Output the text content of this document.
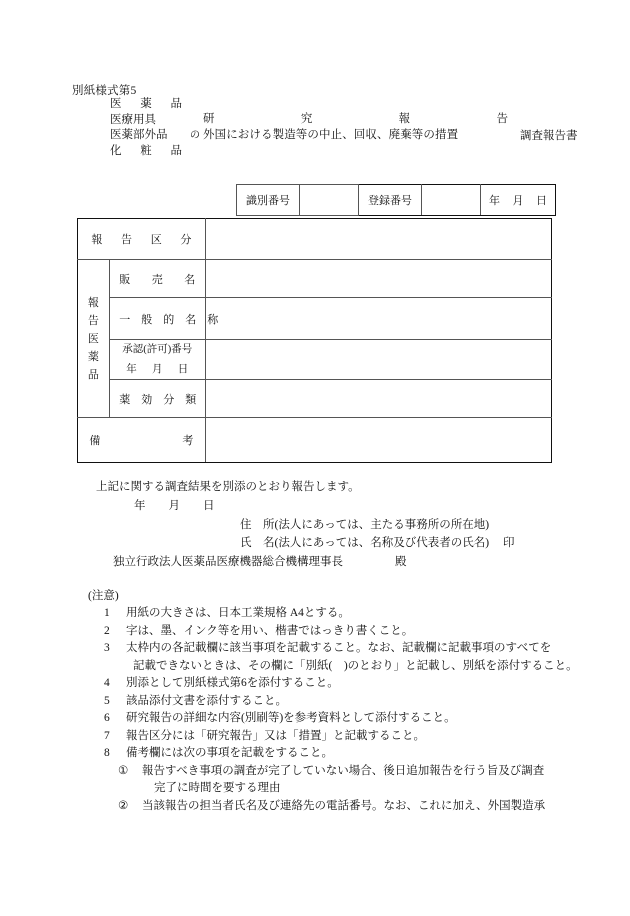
別紙様式第5
医　薬　品
医療用具
医薬部外品
化　粧　品
の
研　　究　　報　　告
外国における製造等の中止、回収、廃棄等の措置	調査報告書
識別番号		登録番号		年　月　日
報　告　区　分		

報
告
医
薬
品	販　売　名	
	一　般　的　名　称	

	承認(許可)番号
年　月　日	

	薬　効　分　類	
備　　考		
上記に関する調査結果を別添のとおり報告します。
年　　月　　日
住　所(法人にあっては、主たる事務所の所在地)
氏　名(法人にあっては、名称及び代表者の氏名) 印
独立行政法人医薬品医療機器総合機構理事長	殿
(注意)
1	用紙の大きさは、日本工業規格 A4とする。
2	字は、墨、インク等を用い、楷書ではっきり書くこと。
3	太枠内の各記載欄に該当事項を記載すること。なお、記載欄に記載事項のすべてを
記載できないときは、その欄に「別紙(　)のとおり」と記載し、別紙を添付すること。
4	別添として別紙様式第6を添付すること。
5	該品添付文書を添付すること。
6	研究報告の詳細な内容(別刷等)を参考資料として添付すること。
7	報告区分には「研究報告」又は「措置」と記載すること。
8	備考欄には次の事項を記載をすること。
①	報告すべき事項の調査が完了していない場合、後日追加報告を行う旨及び調査
完了に時間を要する理由
②	当該報告の担当者氏名及び連絡先の電話番号。なお、これに加え、外国製造承
